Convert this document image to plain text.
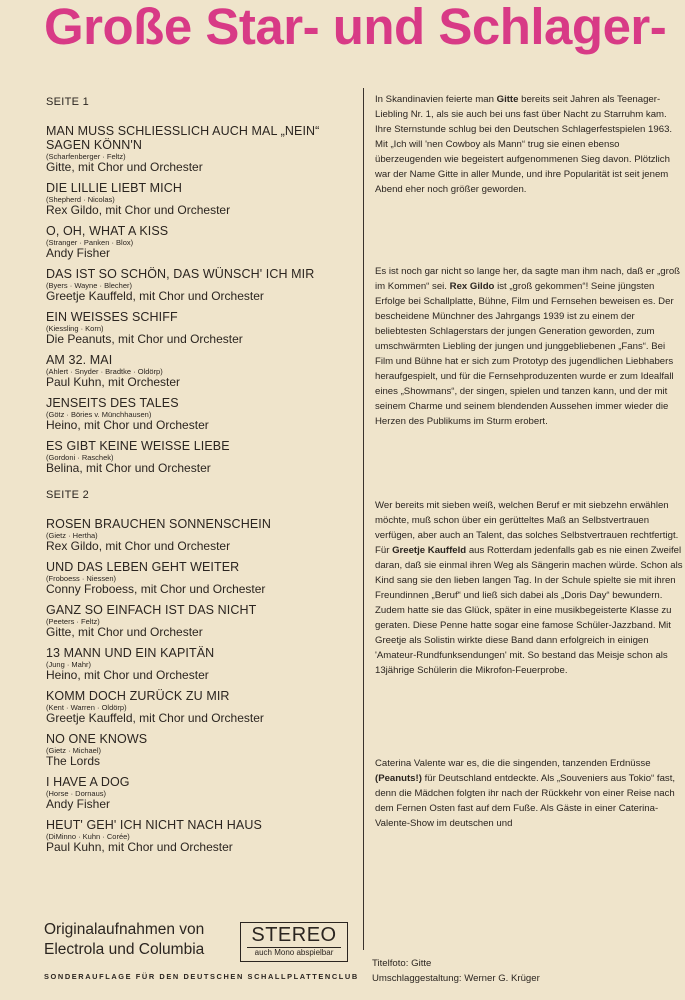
Große Star- und Schlager-
SEITE 1
MAN MUSS SCHLIESSLICH AUCH MAL „NEIN“ SAGEN KÖNN'N
(Scharfenberger · Feltz)
Gitte, mit Chor und Orchester
DIE LILLIE LIEBT MICH
(Shepherd · Nicolas)
Rex Gildo, mit Chor und Orchester
O, OH, WHAT A KISS
(Stranger · Panken · Blox)
Andy Fisher
DAS IST SO SCHÖN, DAS WÜNSCH' ICH MIR
(Byers · Wayne · Blecher)
Greetje Kauffeld, mit Chor und Orchester
EIN WEISSES SCHIFF
(Kiessling · Korn)
Die Peanuts, mit Chor und Orchester
AM 32. MAI
(Ahlert · Snyder · Bradtke · Oldörp)
Paul Kuhn, mit Orchester
JENSEITS DES TALES
(Götz · Böries v. Münchhausen)
Heino, mit Chor und Orchester
ES GIBT KEINE WEISSE LIEBE
(Gordoni · Raschek)
Belina, mit Chor und Orchester
SEITE 2
ROSEN BRAUCHEN SONNENSCHEIN
(Gietz · Hertha)
Rex Gildo, mit Chor und Orchester
UND DAS LEBEN GEHT WEITER
(Froboess · Niessen)
Conny Froboess, mit Chor und Orchester
GANZ SO EINFACH IST DAS NICHT
(Peeters · Feltz)
Gitte, mit Chor und Orchester
13 MANN UND EIN KAPITÄN
(Jung · Mahr)
Heino, mit Chor und Orchester
KOMM DOCH ZURÜCK ZU MIR
(Kent · Warren · Oldörp)
Greetje Kauffeld, mit Chor und Orchester
NO ONE KNOWS
(Gietz · Michael)
The Lords
I HAVE A DOG
(Horse · Dornaus)
Andy Fisher
HEUT' GEH' ICH NICHT NACH HAUS
(DiMinno · Kuhn · Corée)
Paul Kuhn, mit Chor und Orchester

In Skandinavien feierte man Gitte bereits seit Jahren als Teenager-Liebling Nr. 1, als sie auch bei uns fast über Nacht zu Starruhm kam. Ihre Sternstunde schlug bei den Deutschen Schlagerfestspielen 1963. Mit „Ich will 'nen Cowboy als Mann“ trug sie einen ebenso überzeugenden wie begeistert aufgenommenen Sieg davon. Plötzlich war der Name Gitte in aller Munde, und ihre Popularität ist seit jenem Abend eher noch größer geworden.

Es ist noch gar nicht so lange her, da sagte man ihm nach, daß er „groß im Kommen“ sei. Rex Gildo ist „groß gekommen“! Seine jüngsten Erfolge bei Schallplatte, Bühne, Film und Fernsehen beweisen es. Der bescheidene Münchner des Jahrgangs 1939 ist zu einem der beliebtesten Schlagerstars der jungen Generation geworden, zum umschwärmten Liebling der jungen und junggebliebenen „Fans“. Bei Film und Bühne hat er sich zum Prototyp des jugendlichen Liebhabers heraufgespielt, und für die Fernsehproduzenten wurde er zum Idealfall eines „Showmans“, der singen, spielen und tanzen kann, und der mit seinem Charme und seinem blendenden Aussehen immer wieder die Herzen des Publikums im Sturm erobert.

Wer bereits mit sieben weiß, welchen Beruf er mit siebzehn erwählen möchte, muß schon über ein gerütteltes Maß an Selbstvertrauen verfügen, aber auch an Talent, das solches Selbstvertrauen rechtfertigt. Für Greetje Kauffeld aus Rotterdam jedenfalls gab es nie einen Zweifel daran, daß sie einmal ihren Weg als Sängerin machen würde. Schon als Kind sang sie den lieben langen Tag. In der Schule spielte sie mit ihren Freundinnen „Beruf“ und ließ sich dabei als „Doris Day“ bewundern. Zudem hatte sie das Glück, später in eine musikbegeisterte Klasse zu geraten. Diese Penne hatte sogar eine famose Schüler-Jazzband. Mit Greetje als Solistin wirkte diese Band dann erfolgreich in einigen 'Amateur-Rundfunksendungen' mit. So bestand das Meisje schon als 13jährige Schülerin die Mikrofon-Feuerprobe.

Caterina Valente war es, die die singenden, tanzenden Erdnüsse (Peanuts!) für Deutschland entdeckte. Als „Souveniers aus Tokio“ fast, denn die Mädchen folgten ihr nach der Rückkehr von einer Reise nach dem Fernen Osten fast auf dem Fuße. Als Gäste in einer Caterina-Valente-Show im deutschen und

Originalaufnahmen von
Electrola und Columbia
STEREO
auch Mono abspielbar
SONDERAUFLAGE FÜR DEN DEUTSCHEN SCHALLPLATTENCLUB
Titelfoto: Gitte
Umschlaggestaltung: Werner G. Krüger
